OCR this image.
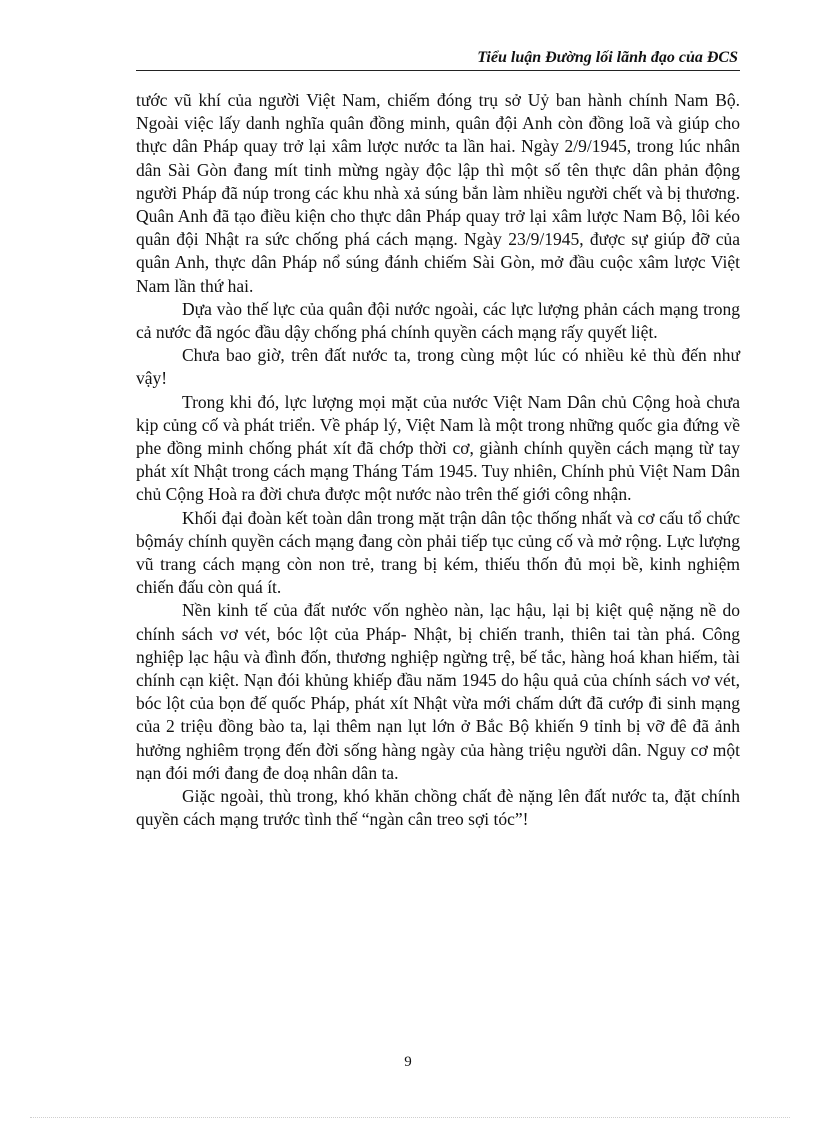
Tiểu luận Đường lối lãnh đạo của ĐCS

tước vũ khí của người Việt Nam, chiếm đóng trụ sở Uỷ ban hành chính Nam Bộ. Ngoài việc lấy danh nghĩa quân đồng minh, quân đội Anh còn đồng loã và giúp cho thực dân Pháp quay trở lại xâm lược nước ta lần hai. Ngày 2/9/1945, trong lúc nhân dân Sài Gòn đang mít tinh mừng ngày độc lập thì một số tên thực dân phản động người Pháp đã núp trong các khu nhà xả súng bắn làm nhiều người chết và bị thương. Quân Anh đã tạo điều kiện cho thực dân Pháp quay trở lại xâm lược Nam Bộ, lôi kéo quân đội Nhật ra sức chống phá cách mạng. Ngày 23/9/1945, được sự giúp đỡ của quân Anh, thực dân Pháp nổ súng đánh chiếm Sài Gòn, mở đầu cuộc xâm lược Việt Nam lần thứ hai.

Dựa vào thế lực của quân đội nước ngoài, các lực lượng phản cách mạng trong cả nước đã ngóc đầu dậy chống phá chính quyền cách mạng rấy quyết liệt.

Chưa bao giờ, trên đất nước ta, trong cùng một lúc có nhiều kẻ thù đến như vậy!

Trong khi đó, lực lượng mọi mặt của nước Việt Nam Dân chủ Cộng hoà chưa kịp củng cố và phát triển. Về pháp lý, Việt Nam là một trong những quốc gia đứng về phe đồng minh chống phát xít đã chớp thời cơ, giành chính quyền cách mạng từ tay phát xít Nhật trong cách mạng Tháng Tám 1945. Tuy nhiên, Chính phủ Việt Nam Dân chủ Cộng Hoà ra đời chưa được một nước nào trên thế giới công nhận.

Khối đại đoàn kết toàn dân trong mặt trận dân tộc thống nhất và cơ cấu tổ chức bộmáy chính quyền cách mạng đang còn phải tiếp tục củng cố và mở rộng. Lực lượng vũ trang cách mạng còn non trẻ, trang bị kém, thiếu thốn đủ mọi bề, kinh nghiệm chiến đấu còn quá ít.

Nền kinh tế của đất nước vốn nghèo nàn, lạc hậu, lại bị kiệt quệ nặng nề do chính sách vơ vét, bóc lột của Pháp- Nhật, bị chiến tranh, thiên tai tàn phá. Công nghiệp lạc hậu và đình đốn, thương nghiệp ngừng trệ, bế tắc, hàng hoá khan hiếm, tài chính cạn kiệt. Nạn đói khủng khiếp đầu năm 1945 do hậu quả của chính sách vơ vét, bóc lột của bọn đế quốc Pháp, phát xít Nhật vừa mới chấm dứt đã cướp đi sinh mạng của 2 triệu đồng bào ta, lại thêm nạn lụt lớn ở Bắc Bộ khiến 9 tỉnh bị vỡ đê đã ảnh hưởng nghiêm trọng đến đời sống hàng ngày của hàng triệu người dân. Nguy cơ một nạn đói mới đang đe doạ nhân dân ta.

Giặc ngoài, thù trong, khó khăn chồng chất đè nặng lên đất nước ta, đặt chính quyền cách mạng trước tình thế “ngàn cân treo sợi tóc”!

9
